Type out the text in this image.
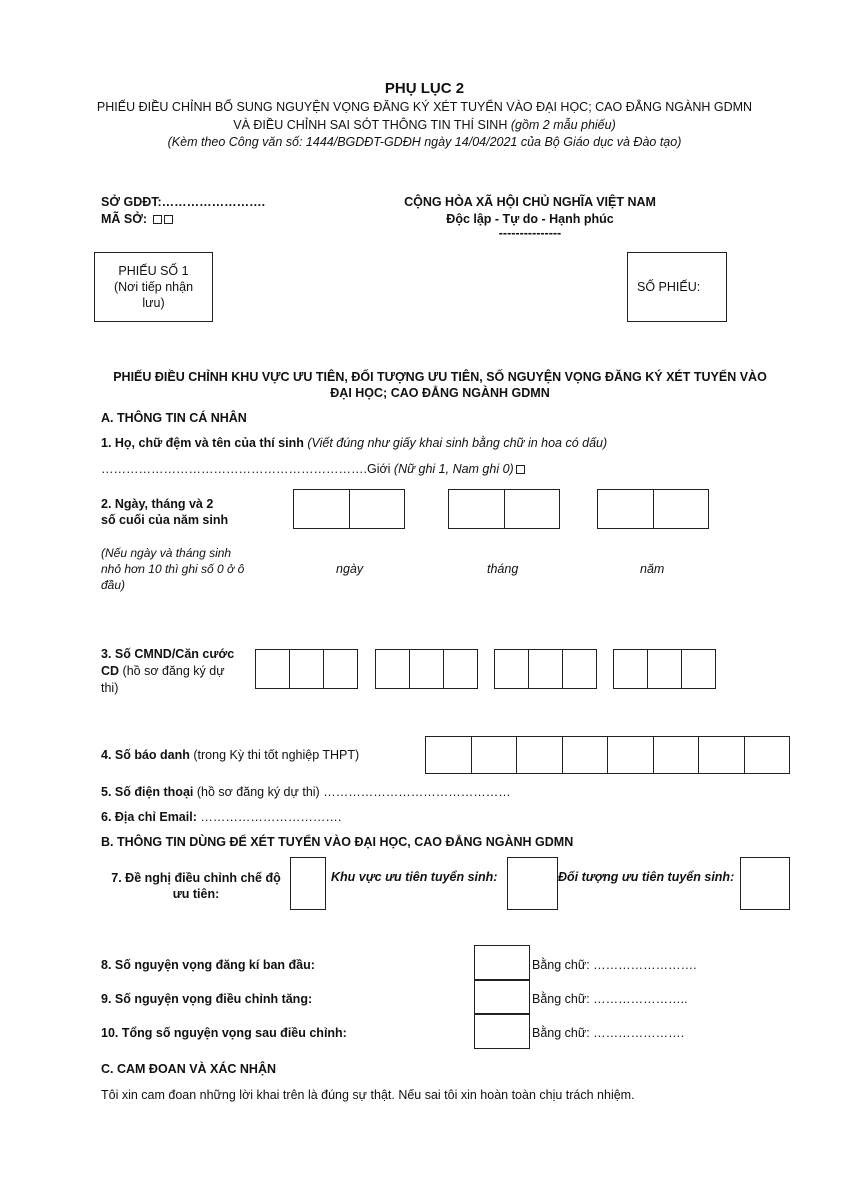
PHỤ LỤC 2
PHIẾU ĐIỀU CHỈNH BỔ SUNG NGUYỆN VỌNG ĐĂNG KÝ XÉT TUYỂN VÀO ĐẠI HỌC; CAO ĐẲNG NGÀNH GDMN
VÀ ĐIỀU CHỈNH SAI SÓT THÔNG TIN THÍ SINH (gồm 2 mẫu phiếu)
(Kèm theo Công văn số: 1444/BGDĐT-GDĐH ngày 14/04/2021 của Bộ Giáo dục và Đào tạo)
SỞ GDĐT:…………………….
MÃ SỞ:
CỘNG HÒA XÃ HỘI CHỦ NGHĨA VIỆT NAM
Độc lập - Tự do - Hạnh phúc
---------------
PHIẾU SỐ 1
(Nơi tiếp nhận
lưu)
SỐ PHIẾU:
PHIẾU ĐIỀU CHỈNH KHU VỰC ƯU TIÊN, ĐỐI TƯỢNG ƯU TIÊN, SỐ NGUYỆN VỌNG ĐĂNG KÝ XÉT TUYỂN VÀO
ĐẠI HỌC; CAO ĐẲNG NGÀNH GDMN
A. THÔNG TIN CÁ NHÂN
1. Họ, chữ đệm và tên của thí sinh (Viết đúng như giấy khai sinh bằng chữ in hoa có dấu)
……………………………………………………….Giới (Nữ ghi 1, Nam ghi 0)
2. Ngày, tháng và 2
số cuối của năm sinh
(Nếu ngày và tháng sinh
nhỏ hơn 10 thì ghi số 0 ở ô
đầu)
ngày	tháng	năm
3. Số CMND/Căn cước
CD (hồ sơ đăng ký dự
thi)
4. Số báo danh (trong Kỳ thi tốt nghiệp THPT)
5. Số điện thoại (hồ sơ đăng ký dự thi) ………………………………………
6. Địa chỉ Email: …………………………….
B. THÔNG TIN DÙNG ĐỂ XÉT TUYỂN VÀO ĐẠI HỌC, CAO ĐẲNG NGÀNH GDMN
7. Đề nghị điều chỉnh chế độ
ưu tiên:
Khu vực ưu tiên tuyển sinh:	Đối tượng ưu tiên tuyển sinh:
8. Số nguyện vọng đăng kí ban đầu:	Bằng chữ: …………………….
9. Số nguyện vọng điều chỉnh tăng:	Bằng chữ: …………………..
10. Tổng số nguyện vọng sau điều chỉnh:	Bằng chữ: ………………….
C. CAM ĐOAN VÀ XÁC NHẬN
Tôi xin cam đoan những lời khai trên là đúng sự thật. Nếu sai tôi xin hoàn toàn chịu trách nhiệm.
